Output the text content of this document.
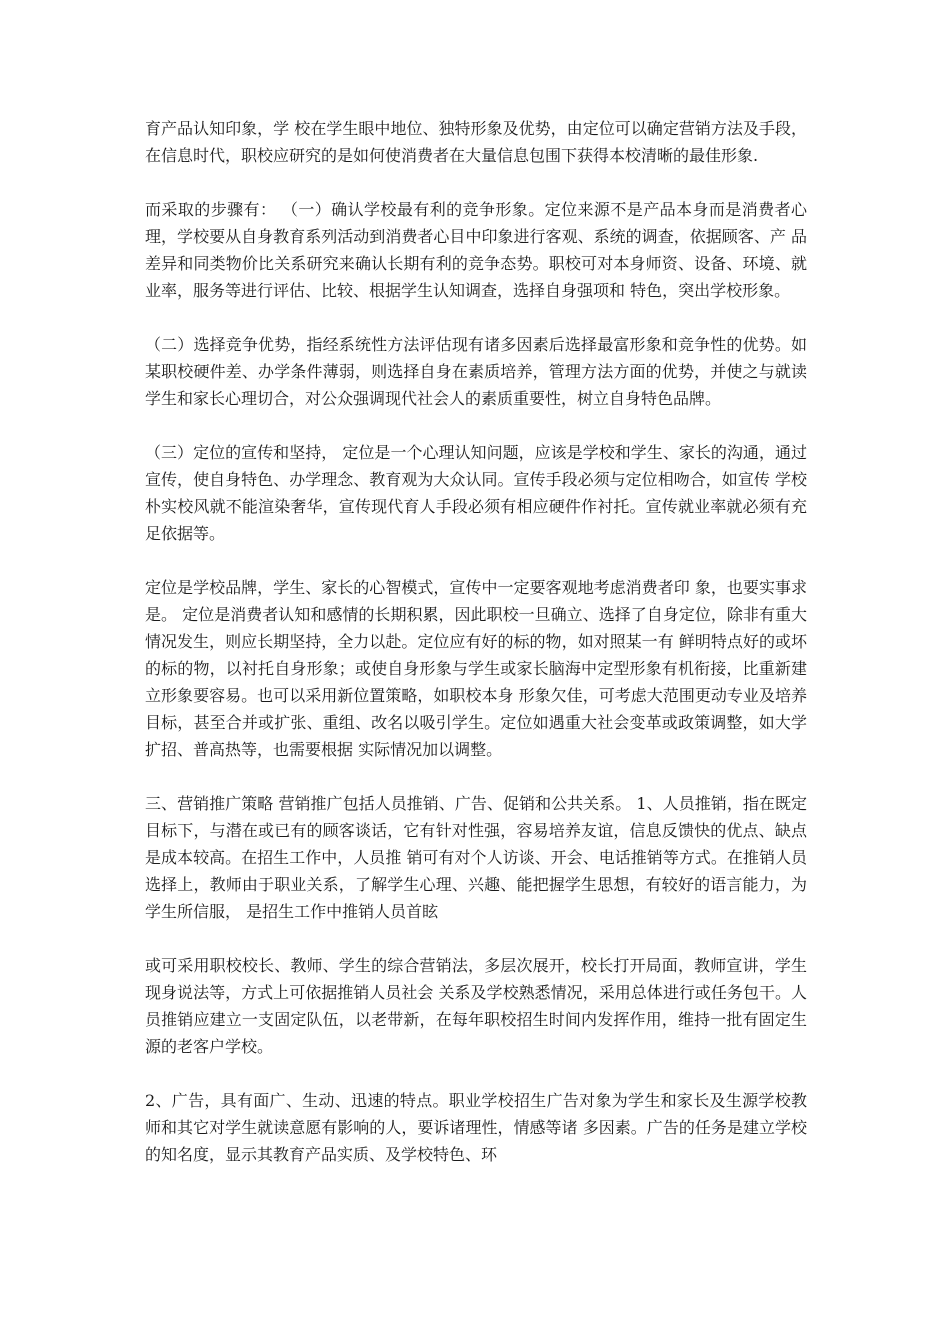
育产品认知印象，学 校在学生眼中地位、独特形象及优势，由定位可以确定营销方法及手段，在信息时代，职校应研究的是如何使消费者在大量信息包围下获得本校清晰的最佳形象.

而采取的步骤有： （一）确认学校最有利的竞争形象。定位来源不是产品本身而是消费者心理，学校要从自身教育系列活动到消费者心目中印象进行客观、系统的调查，依据顾客、产 品差异和同类物价比关系研究来确认长期有利的竞争态势。职校可对本身师资、设备、环境、就业率，服务等进行评估、比较、根据学生认知调查，选择自身强项和 特色，突出学校形象。

（二）选择竞争优势，指经系统性方法评估现有诸多因素后选择最富形象和竞争性的优势。如某职校硬件差、办学条件薄弱，则选择自身在素质培养，管理方法方面的优势，并使之与就读学生和家长心理切合，对公众强调现代社会人的素质重要性，树立自身特色品牌。

（三）定位的宣传和坚持， 定位是一个心理认知问题，应该是学校和学生、家长的沟通，通过宣传，使自身特色、办学理念、教育观为大众认同。宣传手段必须与定位相吻合，如宣传 学校朴实校风就不能渲染奢华，宣传现代育人手段必须有相应硬件作衬托。宣传就业率就必须有充足依据等。

定位是学校品牌，学生、家长的心智模式，宣传中一定要客观地考虑消费者印 象，也要实事求是。 定位是消费者认知和感情的长期积累，因此职校一旦确立、选择了自身定位，除非有重大情况发生，则应长期坚持，全力以赴。定位应有好的标的物，如对照某一有 鲜明特点好的或坏的标的物，以衬托自身形象；或使自身形象与学生或家长脑海中定型形象有机衔接，比重新建立形象要容易。也可以采用新位置策略，如职校本身 形象欠佳，可考虑大范围更动专业及培养目标，甚至合并或扩张、重组、改名以吸引学生。定位如遇重大社会变革或政策调整，如大学扩招、普高热等，也需要根据 实际情况加以调整。

三、营销推广策略 营销推广包括人员推销、广告、促销和公共关系。 1、人员推销，指在既定目标下，与潜在或已有的顾客谈话，它有针对性强，容易培养友谊，信息反馈快的优点、缺点是成本较高。在招生工作中，人员推 销可有对个人访谈、开会、电话推销等方式。在推销人员选择上，教师由于职业关系，了解学生心理、兴趣、能把握学生思想，有较好的语言能力，为学生所信服， 是招生工作中推销人员首眩

或可采用职校校长、教师、学生的综合营销法，多层次展开，校长打开局面，教师宣讲，学生现身说法等，方式上可依据推销人员社会 关系及学校熟悉情况，采用总体进行或任务包干。人员推销应建立一支固定队伍，以老带新，在每年职校招生时间内发挥作用，维持一批有固定生源的老客户学校。

2、广告，具有面广、生动、迅速的特点。职业学校招生广告对象为学生和家长及生源学校教师和其它对学生就读意愿有影响的人，要诉诸理性，情感等诸 多因素。广告的任务是建立学校的知名度，显示其教育产品实质、及学校特色、环
